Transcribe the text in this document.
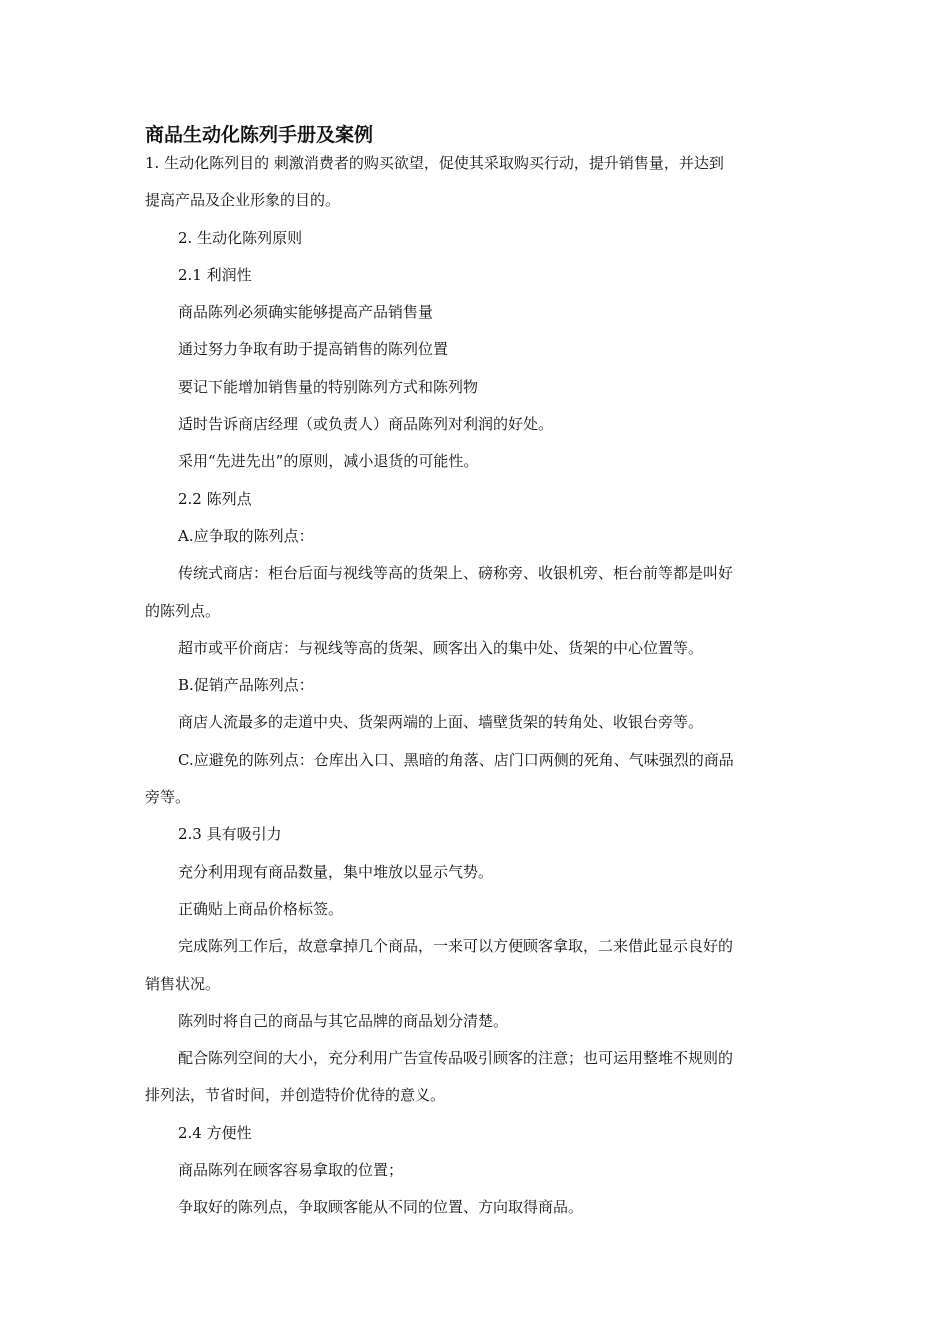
商品生动化陈列手册及案例

1. 生动化陈列目的 刺激消费者的购买欲望，促使其采取购买行动，提升销售量，并达到
提高产品及企业形象的目的。

2. 生动化陈列原则

2.1 利润性

商品陈列必须确实能够提高产品销售量

通过努力争取有助于提高销售的陈列位置

要记下能增加销售量的特别陈列方式和陈列物

适时告诉商店经理（或负责人）商品陈列对利润的好处。

采用“先进先出”的原则，减小退货的可能性。

2.2 陈列点

A.应争取的陈列点：

传统式商店：柜台后面与视线等高的货架上、磅称旁、收银机旁、柜台前等都是叫好
的陈列点。

超市或平价商店：与视线等高的货架、顾客出入的集中处、货架的中心位置等。

B.促销产品陈列点：

商店人流最多的走道中央、货架两端的上面、墙壁货架的转角处、收银台旁等。

C.应避免的陈列点：仓库出入口、黑暗的角落、店门口两侧的死角、气味强烈的商品
旁等。

2.3 具有吸引力

充分利用现有商品数量，集中堆放以显示气势。

正确贴上商品价格标签。

完成陈列工作后，故意拿掉几个商品，一来可以方便顾客拿取，二来借此显示良好的
销售状况。

陈列时将自己的商品与其它品牌的商品划分清楚。

配合陈列空间的大小，充分利用广告宣传品吸引顾客的注意；也可运用整堆不规则的
排列法，节省时间，并创造特价优待的意义。

2.4 方便性

商品陈列在顾客容易拿取的位置；

争取好的陈列点，争取顾客能从不同的位置、方向取得商品。
